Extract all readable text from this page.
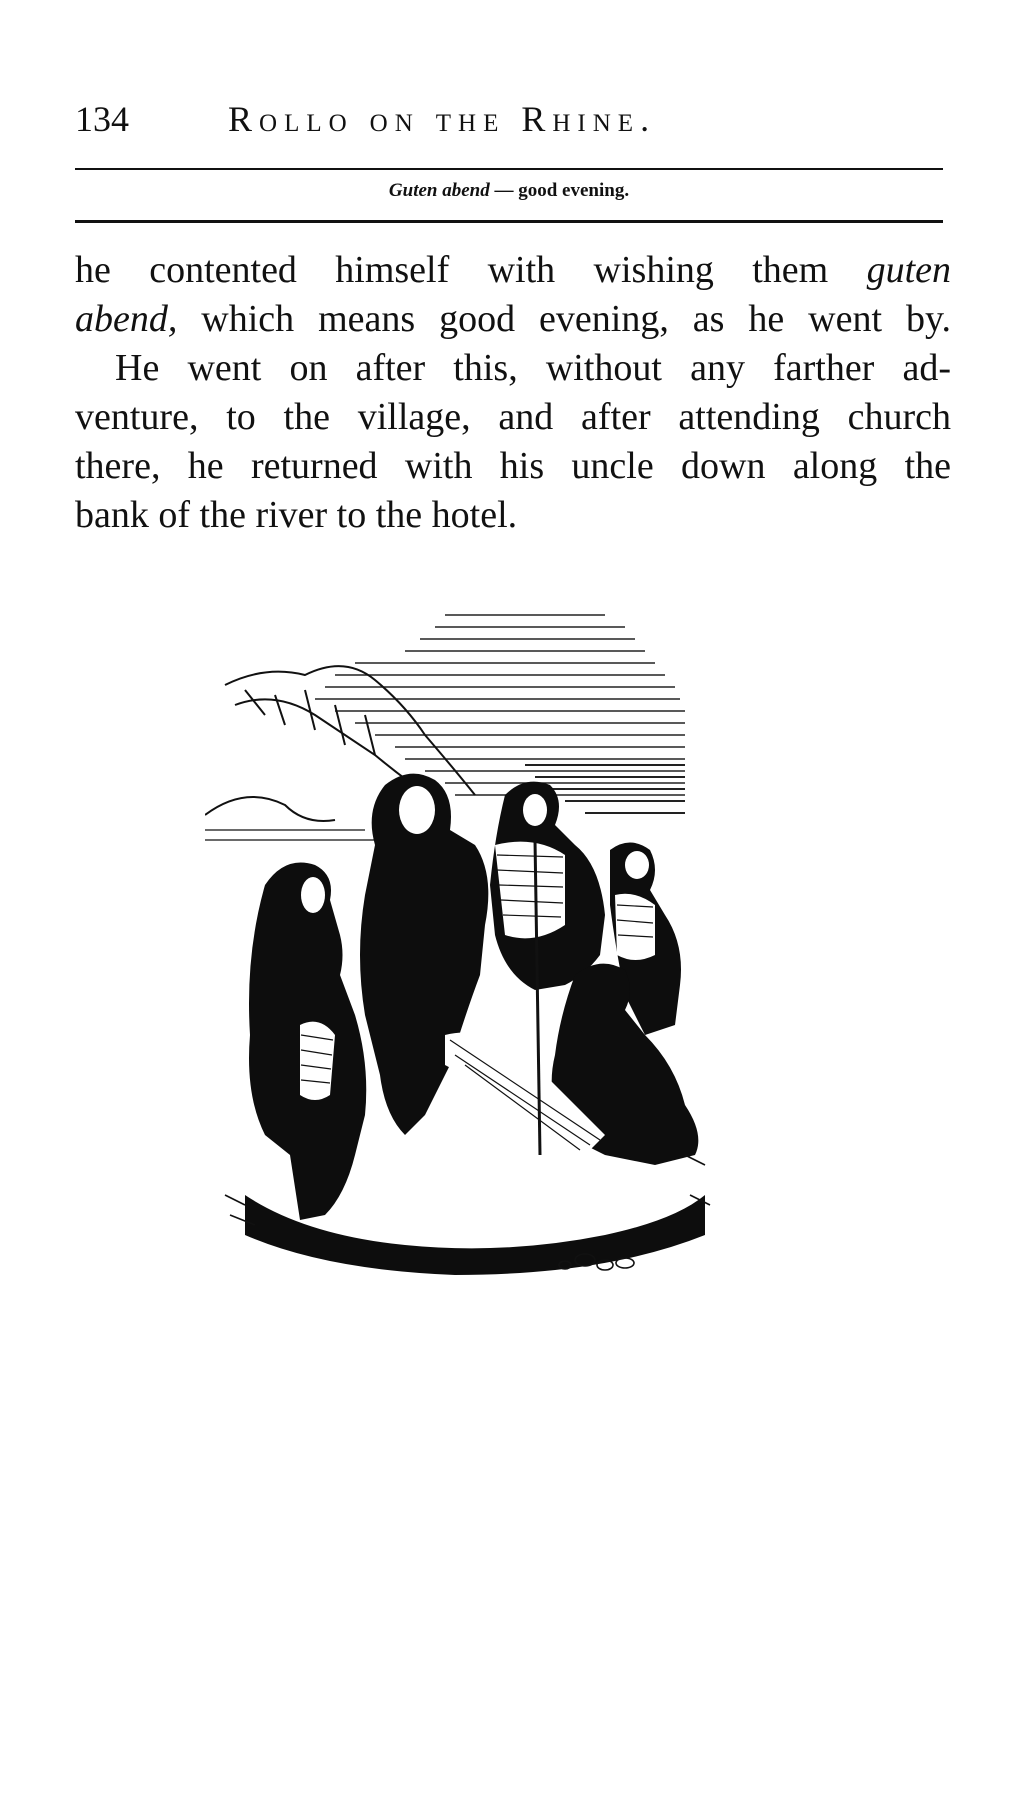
134	Rollo on the Rhine.
Guten abend — good evening.
he contented himself with wishing them guten
abend, which means good evening, as he went by.
He went on after this, without any farther ad-
venture, to the village, and after attending church
there, he returned with his uncle down along the
bank of the river to the hotel.
